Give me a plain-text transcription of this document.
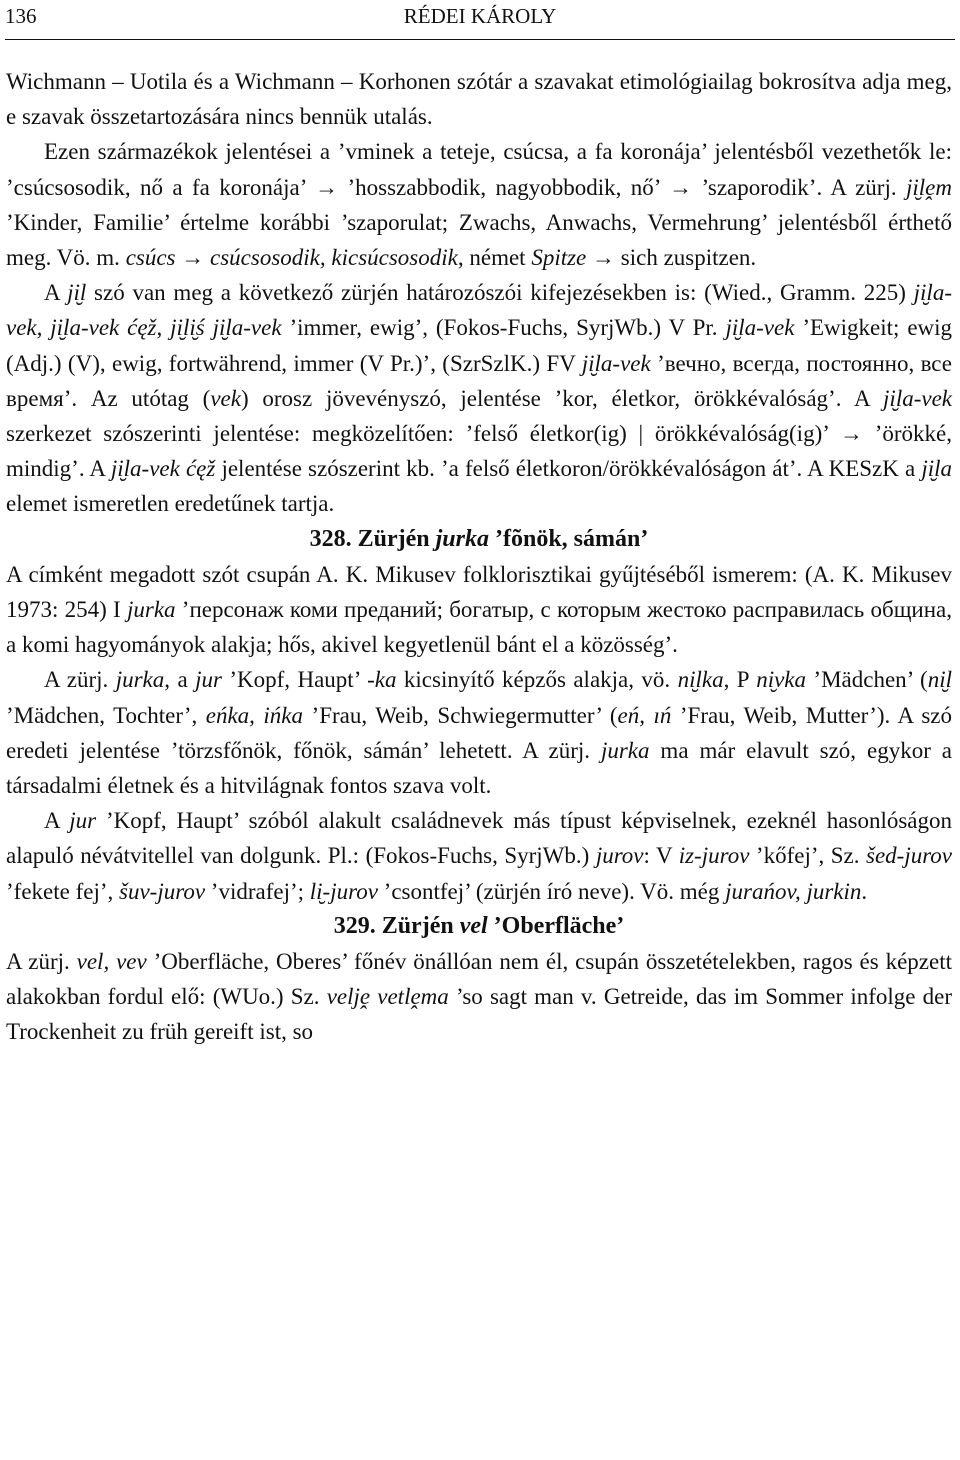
136	RÉDEI KÁROLY

Wichmann – Uotila és a Wichmann – Korhonen szótár a szavakat etimológiailag bokrosítva adja meg, e szavak összetartozására nincs bennük utalás.

Ezen származékok jelentései a ’vminek a teteje, csúcsa, a fa koronája’ jelentésből vezethetők le: ’csúcsosodik, nő a fa koronája’ → ’hosszabbodik, nagyobbodik, nő’ → ’szaporodik’. A zürj. ji̮lḙm ’Kinder, Familie’ értelme korábbi ’szaporulat; Zwachs, Anwachs, Vermehrung’ jelentésből érthető meg. Vö. m. csúcs → csúcsosodik, kicsúcsosodik, német Spitze → sich zuspitzen.

A ji̮l szó van meg a következő zürjén határozószói kifejezésekben is: (Wied., Gramm. 225) ji̮la-vek, ji̮la-vek ćęž, ji̮li̮ś ji̮la-vek ’immer, ewig’, (Fokos-Fuchs, SyrjWb.) V Pr. ji̮la-vek ’Ewigkeit; ewig (Adj.) (V), ewig, fortwährend, immer (V Pr.)’, (SzrSzlK.) FV ji̮la-vek ’вечно, всегда, постоянно, все время’. Az utótag (vek) orosz jövevényszó, jelentése ’kor, életkor, örökkévalóság’. A ji̮la-vek szerkezet szószerinti jelentése: megközelítően: ’felső életkor(ig) | örökkévalóság(ig)’ → ’örökké, mindig’. A ji̮la-vek ćęž jelentése szószerint kb. ’a felső életkoron/örökkévalóságon át’. A KESzK a ji̮la elemet ismeretlen eredetűnek tartja.

328. Zürjén jurka ’fõnök, sámán’

A címként megadott szót csupán A. K. Mikusev folklorisztikai gyűjtéséből ismerem: (A. K. Mikusev 1973: 254) I jurka ’персонаж коми преданий; богатыр, с которым жестоко расправилась община, a komi hagyományok alakja; hős, akivel kegyetlenül bánt el a közösség’.

A zürj. jurka, a jur ’Kopf, Haupt’ -ka kicsinyítő képzős alakja, vö. ni̮lka, P ni̮vka ’Mädchen’ (ni̮l ’Mädchen, Tochter’, eńka, ińka ’Frau, Weib, Schwiegermutter’ (eń, ıń ’Frau, Weib, Mutter’). A szó eredeti jelentése ’törzsfőnök, főnök, sámán’ lehetett. A zürj. jurka ma már elavult szó, egykor a társadalmi életnek és a hitvilágnak fontos szava volt.

A jur ’Kopf, Haupt’ szóból alakult családnevek más típust képviselnek, ezeknél hasonlóságon alapuló névátvitellel van dolgunk. Pl.: (Fokos-Fuchs, SyrjWb.) jurov: V iz-jurov ’kőfej’, Sz. šed-jurov ’fekete fej’, šuv-jurov ’vidrafej’; li̮-jurov ’csontfej’ (zürjén író neve). Vö. még jurańov, jurkin.

329. Zürjén vel ’Oberfläche’

A zürj. vel, vev ’Oberfläche, Oberes’ főnév önállóan nem él, csupán összetételekben, ragos és képzett alakokban fordul elő: (WUo.) Sz. veljḙ vetlḙma ’so sagt man v. Getreide, das im Sommer infolge der Trockenheit zu früh gereift ist, so
